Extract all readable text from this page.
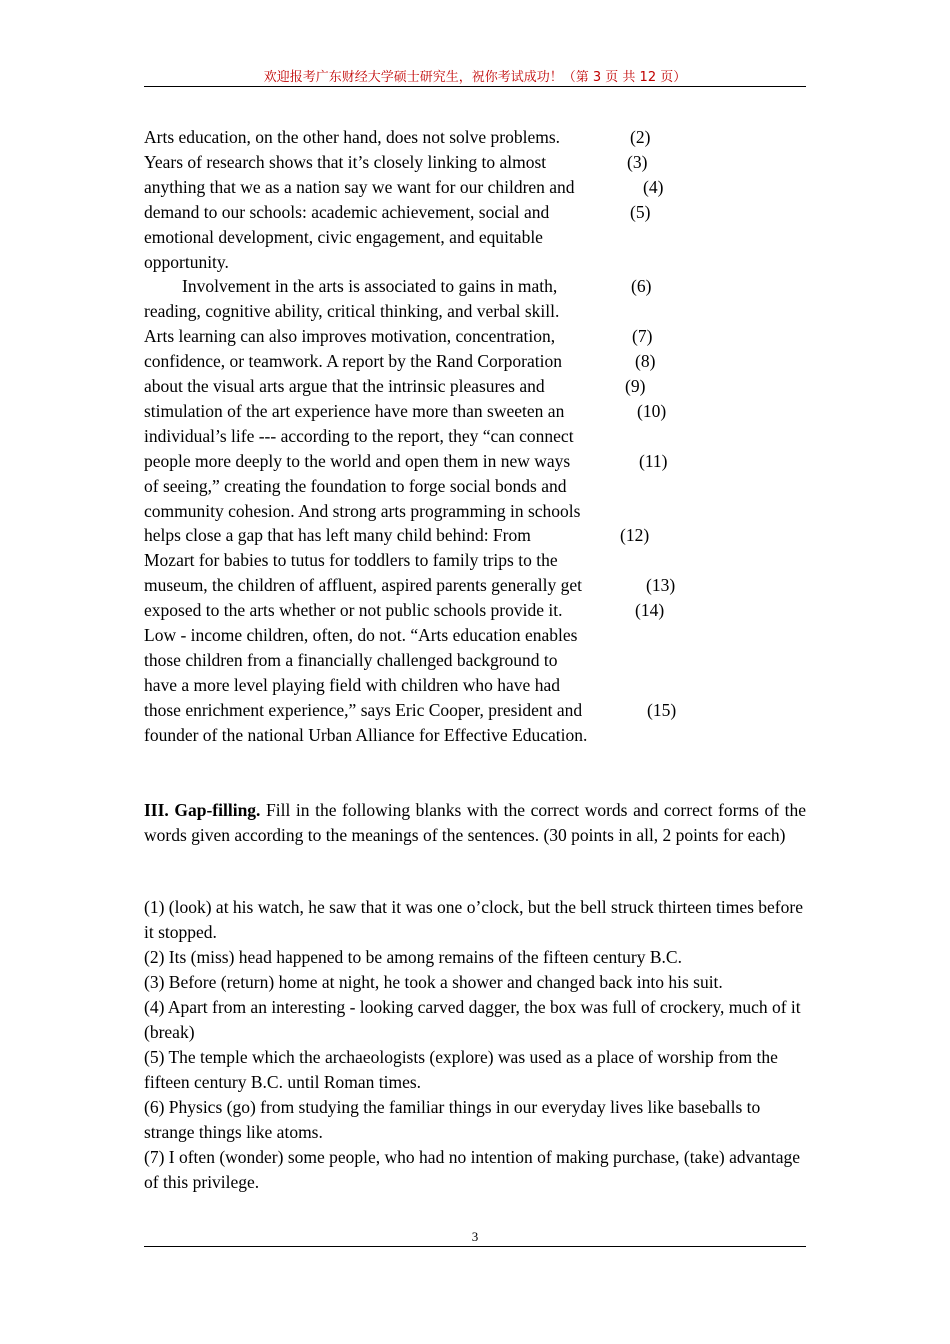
欢迎报考广东财经大学硕士研究生，祝你考试成功！（第 3 页 共 12 页）
Arts education, on the other hand, does not solve problems.	(2)
Years of research shows that it’s closely linking to almost	(3)
anything that we as a nation say we want for our children and	(4)
demand to our schools: academic achievement, social and	(5)
emotional development, civic engagement, and equitable
opportunity.
Involvement in the arts is associated to gains in math,	(6)
reading, cognitive ability, critical thinking, and verbal skill.
Arts learning can also improves motivation, concentration,	(7)
confidence, or teamwork. A report by the Rand Corporation	(8)
about the visual arts argue that the intrinsic pleasures and	(9)
stimulation of the art experience have more than sweeten an	(10)
individual’s life --- according to the report, they “can connect
people more deeply to the world and open them in new ways	(11)
of seeing,” creating the foundation to forge social bonds and
community cohesion. And strong arts programming in schools
helps close a gap that has left many child behind: From	(12)
Mozart for babies to tutus for toddlers to family trips to the
museum, the children of affluent, aspired parents generally get	(13)
exposed to the arts whether or not public schools provide it.	(14)
Low - income children, often, do not. “Arts education enables
those children from a financially challenged background to
have a more level playing field with children who have had
those enrichment experience,” says Eric Cooper, president and	(15)
founder of the national Urban Alliance for Effective Education.
III. Gap-filling. Fill in the following blanks with the correct words and correct forms of the words given according to the meanings of the sentences. (30 points in all, 2 points for each)
(1) (look) at his watch, he saw that it was one o’clock, but the bell struck thirteen times before it stopped.
(2) Its (miss) head happened to be among remains of the fifteen century B.C.
(3) Before (return) home at night, he took a shower and changed back into his suit.
(4) Apart from an interesting - looking carved dagger, the box was full of crockery, much of it (break)
(5) The temple which the archaeologists (explore) was used as a place of worship from the fifteen century B.C. until Roman times.
(6) Physics (go) from studying the familiar things in our everyday lives like baseballs to strange things like atoms.
(7) I often (wonder) some people, who had no intention of making purchase, (take) advantage of this privilege.
3
